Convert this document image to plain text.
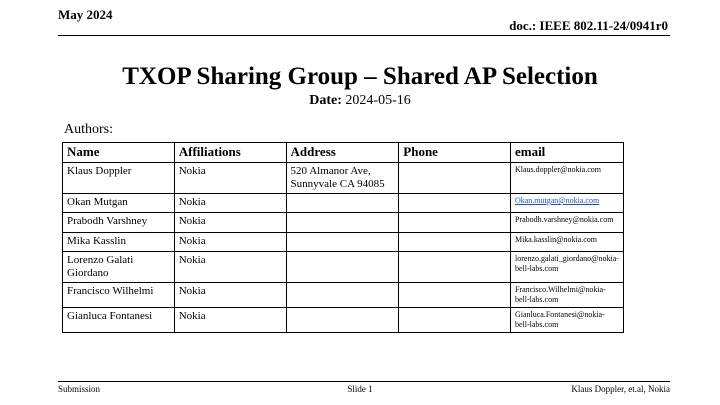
May 2024
doc.: IEEE 802.11-24/0941r0
TXOP Sharing Group – Shared AP Selection
Date: 2024-05-16
Authors:
Name	Affiliations	Address	Phone	email
Klaus Doppler	Nokia	520 Almanor Ave, Sunnyvale CA 94085		Klaus.doppler@nokia.com
Okan Mutgan	Nokia			Okan.mutgan@nokia.com
Prabodh Varshney	Nokia			Prabodh.varshney@nokia.com
Mika Kasslin	Nokia			Mika.kasslin@nokia.com
Lorenzo Galati Giordano	Nokia			lorenzo.galati_giordano@nokia-bell-labs.com
Francisco Wilhelmi	Nokia			Francisco.Wilhelmi@nokia-bell-labs.com
Gianluca Fontanesi	Nokia			Gianluca.Fontanesi@nokia-bell-labs.com
Submission	Slide 1	Klaus Doppler, et.al, Nokia
